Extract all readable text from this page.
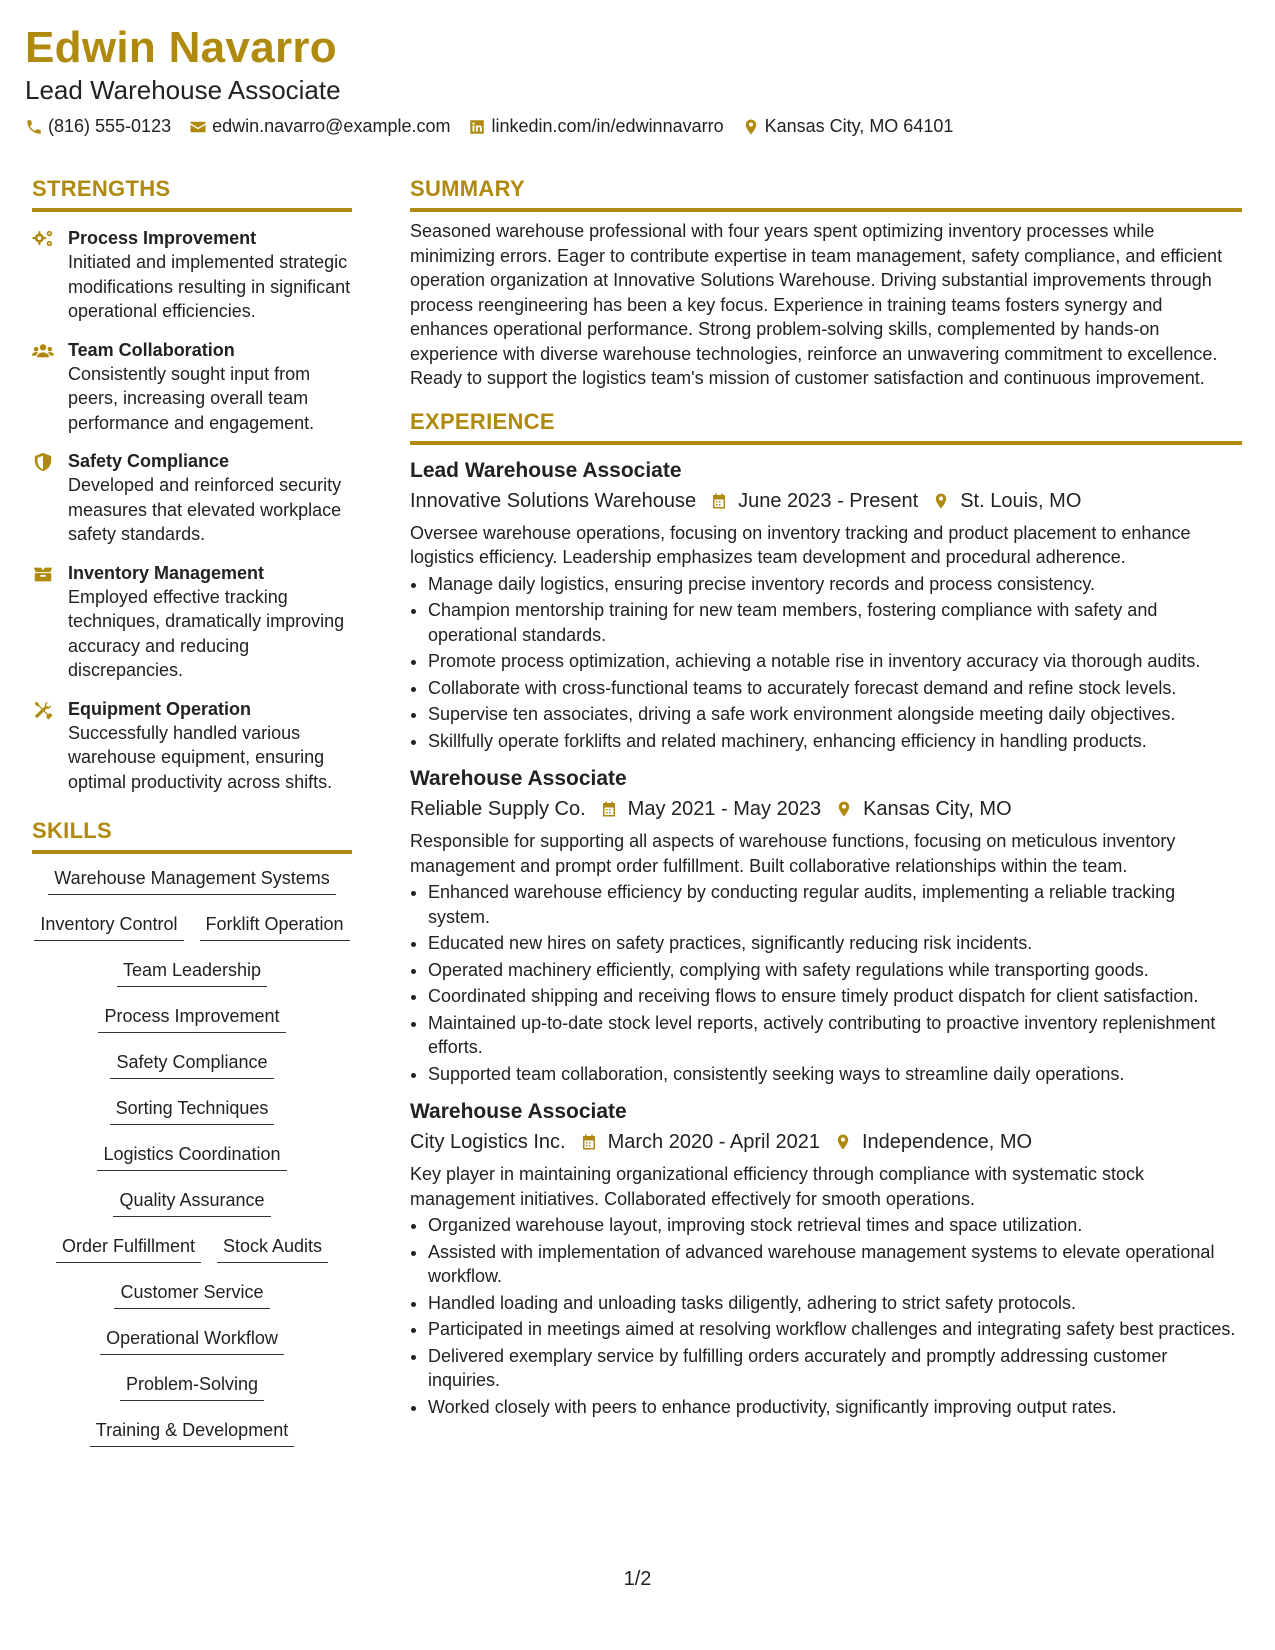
Edwin Navarro
Lead Warehouse Associate
(816) 555-0123 edwin.navarro@example.com linkedin.com/in/edwinnavarro Kansas City, MO 64101
STRENGTHS
Process Improvement
Initiated and implemented strategic modifications resulting in significant operational efficiencies.
Team Collaboration
Consistently sought input from peers, increasing overall team performance and engagement.
Safety Compliance
Developed and reinforced security measures that elevated workplace safety standards.
Inventory Management
Employed effective tracking techniques, dramatically improving accuracy and reducing discrepancies.
Equipment Operation
Successfully handled various warehouse equipment, ensuring optimal productivity across shifts.
SKILLS
Warehouse Management Systems
Inventory Control	Forklift Operation
Team Leadership
Process Improvement
Safety Compliance
Sorting Techniques
Logistics Coordination
Quality Assurance
Order Fulfillment	Stock Audits
Customer Service
Operational Workflow
Problem-Solving
Training & Development
SUMMARY
Seasoned warehouse professional with four years spent optimizing inventory processes while minimizing errors. Eager to contribute expertise in team management, safety compliance, and efficient operation organization at Innovative Solutions Warehouse. Driving substantial improvements through process reengineering has been a key focus. Experience in training teams fosters synergy and enhances operational performance. Strong problem-solving skills, complemented by hands-on experience with diverse warehouse technologies, reinforce an unwavering commitment to excellence. Ready to support the logistics team's mission of customer satisfaction and continuous improvement.
EXPERIENCE
Lead Warehouse Associate
Innovative Solutions Warehouse June 2023 - Present St. Louis, MO
Oversee warehouse operations, focusing on inventory tracking and product placement to enhance logistics efficiency. Leadership emphasizes team development and procedural adherence.
• Manage daily logistics, ensuring precise inventory records and process consistency.
• Champion mentorship training for new team members, fostering compliance with safety and operational standards.
• Promote process optimization, achieving a notable rise in inventory accuracy via thorough audits.
• Collaborate with cross-functional teams to accurately forecast demand and refine stock levels.
• Supervise ten associates, driving a safe work environment alongside meeting daily objectives.
• Skillfully operate forklifts and related machinery, enhancing efficiency in handling products.
Warehouse Associate
Reliable Supply Co. May 2021 - May 2023 Kansas City, MO
Responsible for supporting all aspects of warehouse functions, focusing on meticulous inventory management and prompt order fulfillment. Built collaborative relationships within the team.
• Enhanced warehouse efficiency by conducting regular audits, implementing a reliable tracking system.
• Educated new hires on safety practices, significantly reducing risk incidents.
• Operated machinery efficiently, complying with safety regulations while transporting goods.
• Coordinated shipping and receiving flows to ensure timely product dispatch for client satisfaction.
• Maintained up-to-date stock level reports, actively contributing to proactive inventory replenishment efforts.
• Supported team collaboration, consistently seeking ways to streamline daily operations.
Warehouse Associate
City Logistics Inc. March 2020 - April 2021 Independence, MO
Key player in maintaining organizational efficiency through compliance with systematic stock management initiatives. Collaborated effectively for smooth operations.
• Organized warehouse layout, improving stock retrieval times and space utilization.
• Assisted with implementation of advanced warehouse management systems to elevate operational workflow.
• Handled loading and unloading tasks diligently, adhering to strict safety protocols.
• Participated in meetings aimed at resolving workflow challenges and integrating safety best practices.
• Delivered exemplary service by fulfilling orders accurately and promptly addressing customer inquiries.
• Worked closely with peers to enhance productivity, significantly improving output rates.
1/2
